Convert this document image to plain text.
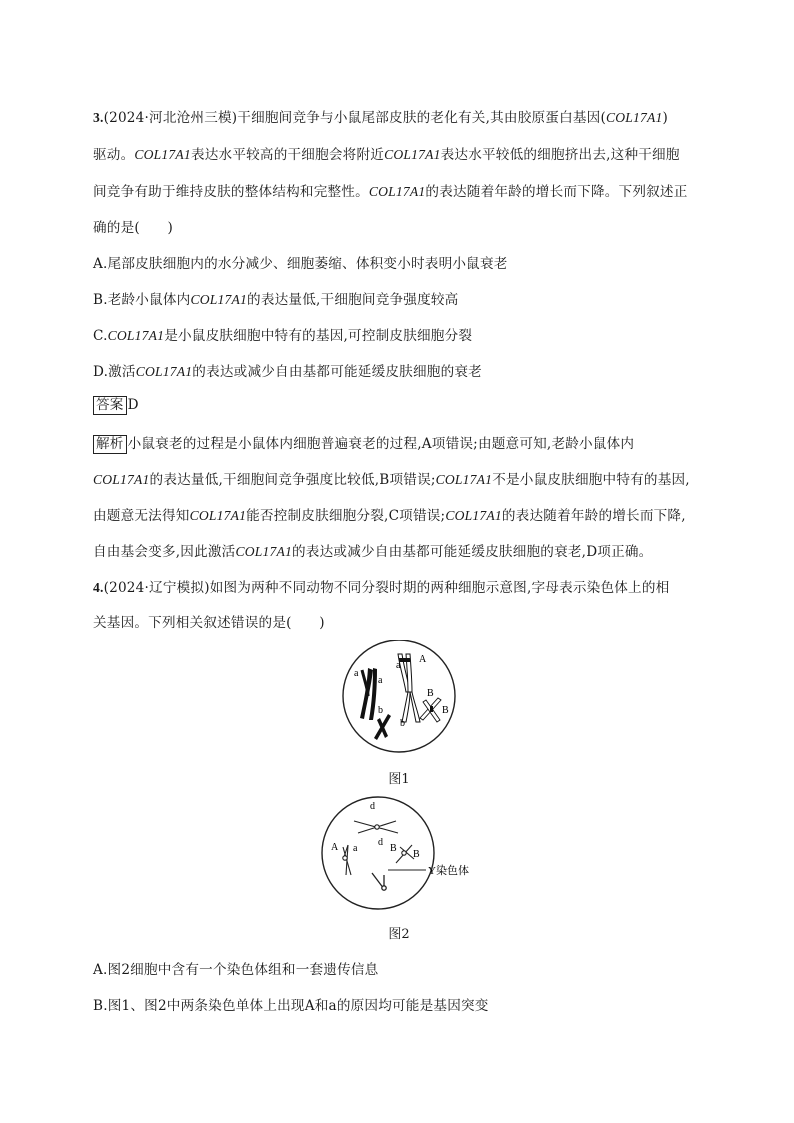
3.(2024·河北沧州三模)干细胞间竞争与小鼠尾部皮肤的老化有关,其由胶原蛋白基因(COL17A1)
驱动。COL17A1表达水平较高的干细胞会将附近COL17A1表达水平较低的细胞挤出去,这种干细胞
间竞争有助于维持皮肤的整体结构和完整性。COL17A1的表达随着年龄的增长而下降。下列叙述正
确的是(　　)
A.尾部皮肤细胞内的水分减少、细胞萎缩、体积变小时表明小鼠衰老
B.老龄小鼠体内COL17A1的表达量低,干细胞间竞争强度较高
C.COL17A1是小鼠皮肤细胞中特有的基因,可控制皮肤细胞分裂
D.激活COL17A1的表达或减少自由基都可能延缓皮肤细胞的衰老
答案 D
解析 小鼠衰老的过程是小鼠体内细胞普遍衰老的过程,A项错误;由题意可知,老龄小鼠体内
COL17A1的表达量低,干细胞间竞争强度比较低,B项错误;COL17A1不是小鼠皮肤细胞中特有的基因,
由题意无法得知COL17A1能否控制皮肤细胞分裂,C项错误;COL17A1的表达随着年龄的增长而下降,
自由基会变多,因此激活COL17A1的表达或减少自由基都可能延缓皮肤细胞的衰老,D项正确。
4.(2024·辽宁模拟)如图为两种不同动物不同分裂时期的两种细胞示意图,字母表示染色体上的相
关基因。下列相关叙述错误的是(　　)
a
a
a
A
b
b
B
B
图1
d
d
A a	B
B
Y染色体
图2
A.图2细胞中含有一个染色体组和一套遗传信息
B.图1、图2中两条染色单体上出现A和a的原因均可能是基因突变
